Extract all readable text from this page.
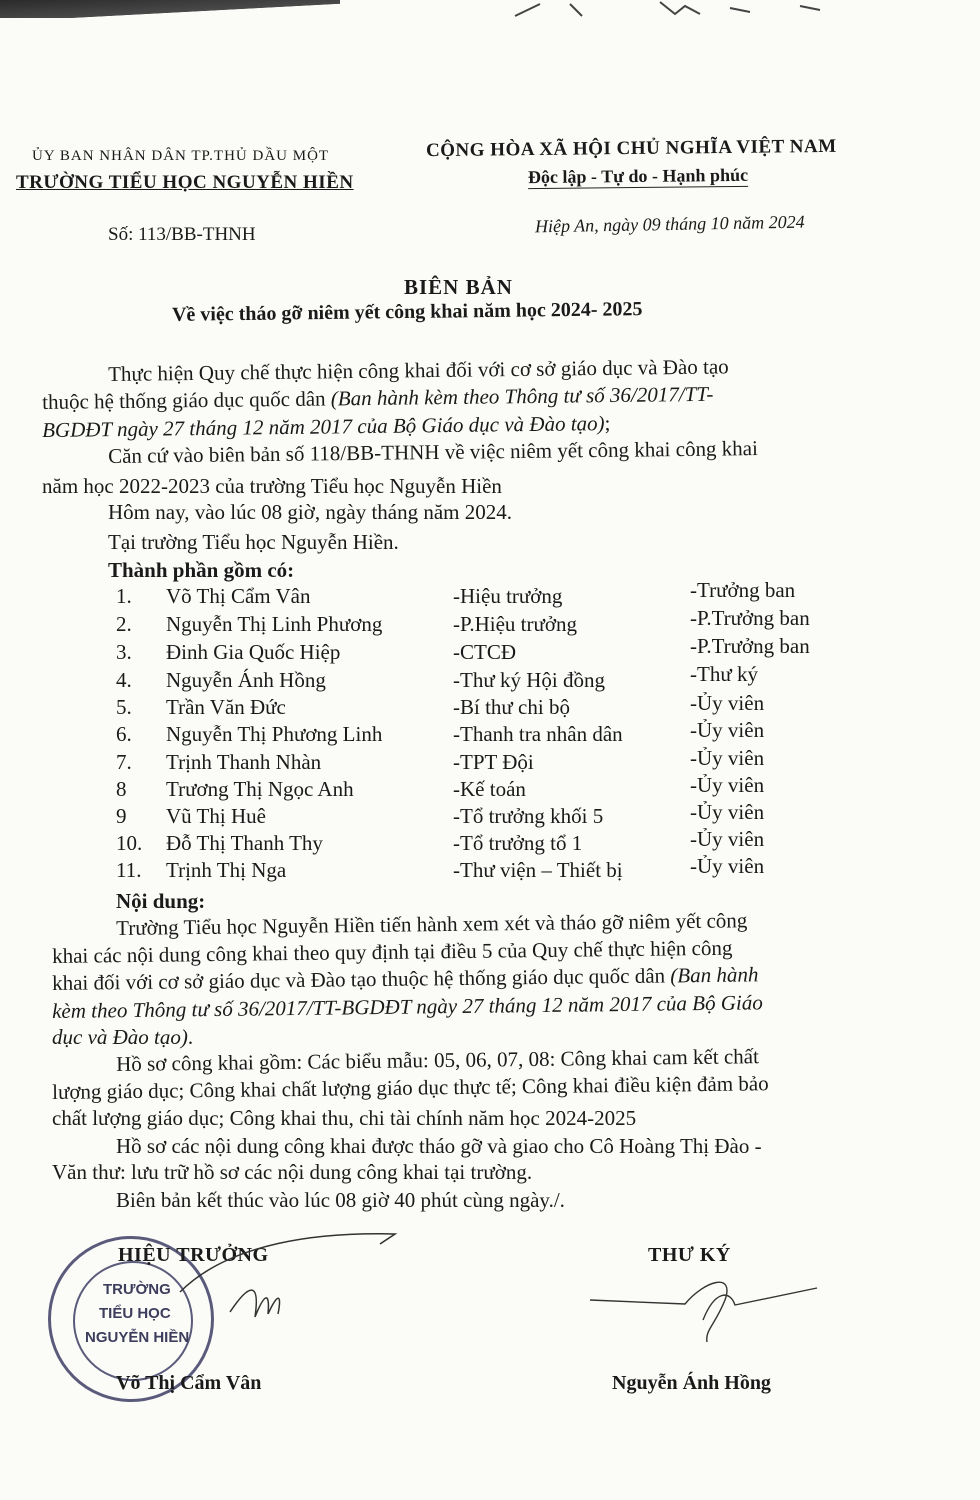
ỦY BAN NHÂN DÂN TP.THỦ DẦU MỘT
TRƯỜNG TIỂU HỌC NGUYỄN HIỀN
CỘNG HÒA XÃ HỘI CHỦ NGHĨA VIỆT NAM
Độc lập - Tự do - Hạnh phúc
Số: 113/BB-THNH	Hiệp An, ngày 09 tháng 10 năm 2024
BIÊN BẢN
Về việc tháo gỡ niêm yết công khai năm học 2024- 2025
Thực hiện Quy chế thực hiện công khai đối với cơ sở giáo dục và Đào tạo
thuộc hệ thống giáo dục quốc dân (Ban hành kèm theo Thông tư số 36/2017/TT-
BGDĐT ngày 27 tháng 12 năm 2017 của Bộ Giáo dục và Đào tạo);
Căn cứ vào biên bản số 118/BB-THNH về việc niêm yết công khai công khai
năm học 2022-2023 của trường Tiểu học Nguyễn Hiền
Hôm nay, vào lúc 08 giờ, ngày tháng năm 2024.
Tại trường Tiểu học Nguyễn Hiền.
Thành phần gồm có:
1. Võ Thị Cẩm Vân	-Hiệu trưởng	-Trưởng ban
2. Nguyễn Thị Linh Phương	-P.Hiệu trưởng	-P.Trưởng ban
3. Đinh Gia Quốc Hiệp	-CTCĐ	-P.Trưởng ban
4. Nguyễn Ánh Hồng	-Thư ký Hội đồng	-Thư ký
5. Trần Văn Đức	-Bí thư chi bộ	-Ủy viên
6. Nguyễn Thị Phương Linh	-Thanh tra nhân dân	-Ủy viên
7. Trịnh Thanh Nhàn	-TPT Đội	-Ủy viên
8 Trương Thị Ngọc Anh	-Kế toán	-Ủy viên
9 Vũ Thị Huê	-Tổ trưởng khối 5	-Ủy viên
10. Đỗ Thị Thanh Thy	-Tổ trưởng tổ 1	-Ủy viên
11. Trịnh Thị Nga	-Thư viện – Thiết bị	-Ủy viên
Nội dung:
Trường Tiểu học Nguyễn Hiền tiến hành xem xét và tháo gỡ niêm yết công
khai các nội dung công khai theo quy định tại điều 5 của Quy chế thực hiện công
khai đối với cơ sở giáo dục và Đào tạo thuộc hệ thống giáo dục quốc dân (Ban hành
kèm theo Thông tư số 36/2017/TT-BGDĐT ngày 27 tháng 12 năm 2017 của Bộ Giáo
dục và Đào tạo).
Hồ sơ công khai gồm: Các biểu mẫu: 05, 06, 07, 08: Công khai cam kết chất
lượng giáo dục; Công khai chất lượng giáo dục thực tế; Công khai điều kiện đảm bảo
chất lượng giáo dục; Công khai thu, chi tài chính năm học 2024-2025
Hồ sơ các nội dung công khai được tháo gỡ và giao cho Cô Hoàng Thị Đào -
Văn thư: lưu trữ hồ sơ các nội dung công khai tại trường.
Biên bản kết thúc vào lúc 08 giờ 40 phút cùng ngày./.
TRƯỜNG
TIỂU HỌC
NGUYỄN HIỀN
HIỆU TRƯỞNG
Võ Thị Cẩm Vân
THƯ KÝ
Nguyễn Ánh Hồng
